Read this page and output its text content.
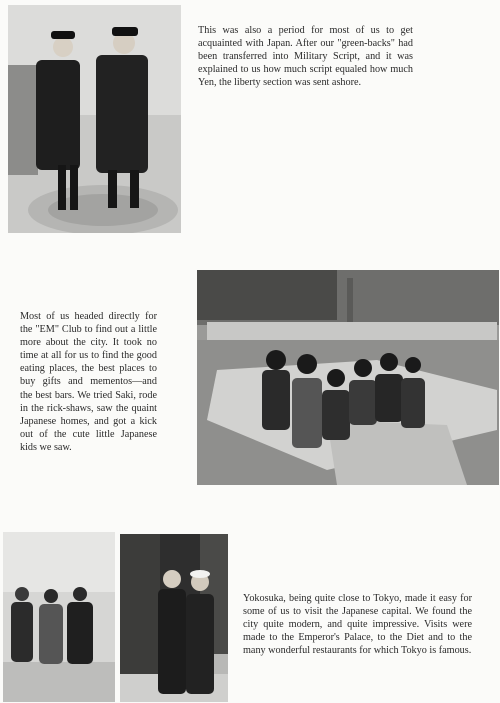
This was also a period for most of us to get acquainted with Japan. After our "green-backs" had been transferred into Military Script, and it was explained to us how much script equaled how much Yen, the liberty section was sent ashore.

Most of us headed directly for the "EM" Club to find out a little more about the city. It took no time at all for us to find the good eating places, the best places to buy gifts and mementos—and the best bars. We tried Saki, rode in the rick-shaws, saw the quaint Japanese homes, and got a kick out of the cute little Japanese kids we saw.

Yokosuka, being quite close to Tokyo, made it easy for some of us to visit the Japanese capital. We found the city quite modern, and quite impressive. Visits were made to the Emperor's Palace, to the Diet and to the many wonderful restaurants for which Tokyo is famous.
